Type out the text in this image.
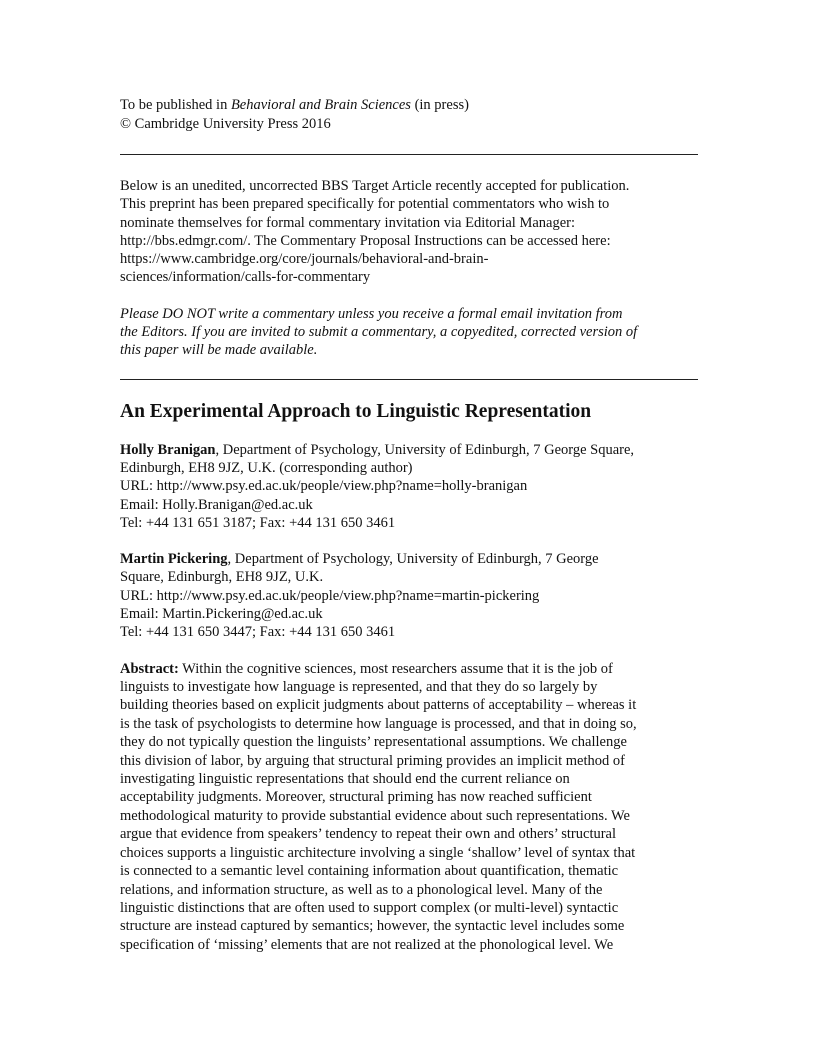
To be published in Behavioral and Brain Sciences (in press)
© Cambridge University Press 2016
Below is an unedited, uncorrected BBS Target Article recently accepted for publication.
This preprint has been prepared specifically for potential commentators who wish to
nominate themselves for formal commentary invitation via Editorial Manager:
http://bbs.edmgr.com/. The Commentary Proposal Instructions can be accessed here:
https://www.cambridge.org/core/journals/behavioral-and-brain-
sciences/information/calls-for-commentary
Please DO NOT write a commentary unless you receive a formal email invitation from
the Editors. If you are invited to submit a commentary, a copyedited, corrected version of
this paper will be made available.
An Experimental Approach to Linguistic Representation
Holly Branigan, Department of Psychology, University of Edinburgh, 7 George Square,
Edinburgh, EH8 9JZ, U.K. (corresponding author)
URL: http://www.psy.ed.ac.uk/people/view.php?name=holly-branigan
Email: Holly.Branigan@ed.ac.uk
Tel: +44 131 651 3187; Fax: +44 131 650 3461
Martin Pickering, Department of Psychology, University of Edinburgh, 7 George
Square, Edinburgh, EH8 9JZ, U.K.
URL: http://www.psy.ed.ac.uk/people/view.php?name=martin-pickering
Email: Martin.Pickering@ed.ac.uk
Tel: +44 131 650 3447; Fax: +44 131 650 3461
Abstract: Within the cognitive sciences, most researchers assume that it is the job of
linguists to investigate how language is represented, and that they do so largely by
building theories based on explicit judgments about patterns of acceptability – whereas it
is the task of psychologists to determine how language is processed, and that in doing so,
they do not typically question the linguists’ representational assumptions. We challenge
this division of labor, by arguing that structural priming provides an implicit method of
investigating linguistic representations that should end the current reliance on
acceptability judgments. Moreover, structural priming has now reached sufficient
methodological maturity to provide substantial evidence about such representations. We
argue that evidence from speakers’ tendency to repeat their own and others’ structural
choices supports a linguistic architecture involving a single ‘shallow’ level of syntax that
is connected to a semantic level containing information about quantification, thematic
relations, and information structure, as well as to a phonological level. Many of the
linguistic distinctions that are often used to support complex (or multi-level) syntactic
structure are instead captured by semantics; however, the syntactic level includes some
specification of ‘missing’ elements that are not realized at the phonological level. We
